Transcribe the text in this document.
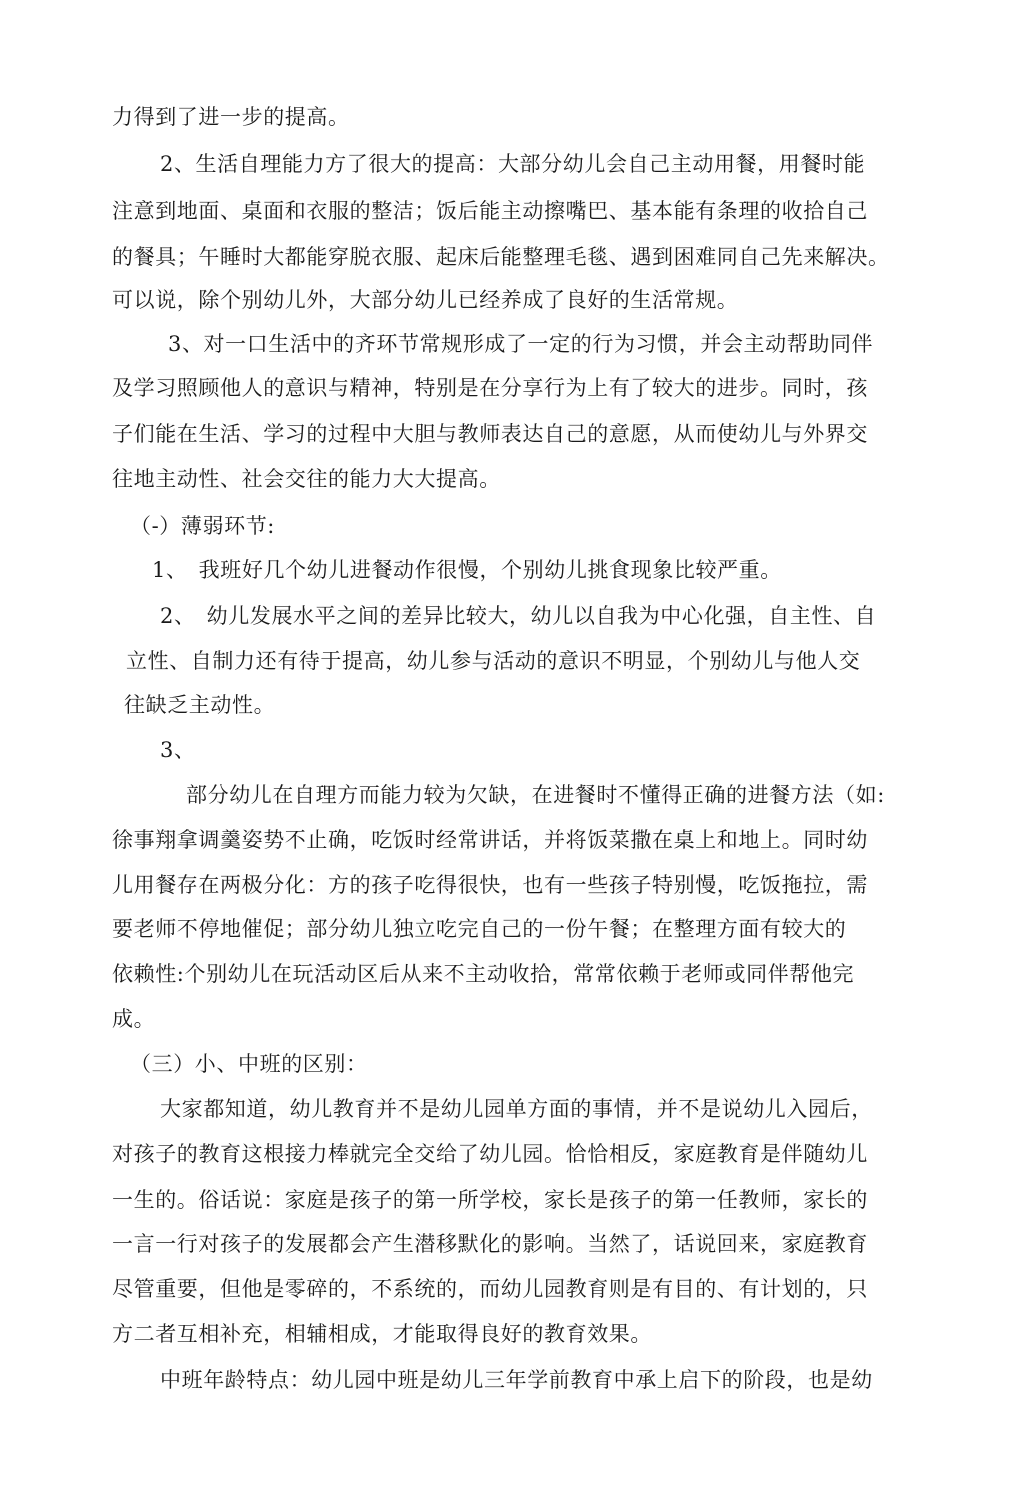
力得到了进一步的提高。
2、生活自理能力方了很大的提高：大部分幼儿会自己主动用餐，用餐时能
注意到地面、桌面和衣服的整洁；饭后能主动擦嘴巴、基本能有条理的收拾自己
的餐具；午睡时大都能穿脱衣服、起床后能整理毛毯、遇到困难同自己先来解决。
可以说，除个别幼儿外，大部分幼儿已经养成了良好的生活常规。
3、对一口生活中的齐环节常规形成了一定的行为习惯，并会主动帮助同伴
及学习照顾他人的意识与精神，特别是在分享行为上有了较大的进步。同时，孩
子们能在生活、学习的过程中大胆与教师表达自己的意愿，从而使幼儿与外界交
往地主动性、社会交往的能力大大提高。
（-）薄弱环节:
1、　我班好几个幼儿进餐动作很慢，个别幼儿挑食现象比较严重。
2、　幼儿发展水平之间的差异比较大，幼儿以自我为中心化强，自主性、自
立性、自制力还有待于提高，幼儿参与活动的意识不明显，个别幼儿与他人交
往缺乏主动性。
3、
部分幼儿在自理方而能力较为欠缺，在进餐时不懂得正确的进餐方法（如:
徐事翔拿调羹姿势不止确，吃饭时经常讲话，并将饭菜撒在桌上和地上。同时幼
儿用餐存在两极分化：方的孩子吃得很快，也有一些孩子特别慢，吃饭拖拉，需
要老师不停地催促；部分幼儿独立吃完自己的一份午餐；在整理方面有较大的
依赖性:个别幼儿在玩活动区后从来不主动收拾，常常依赖于老师或同伴帮他完
成。
（三）小、中班的区别：
大家都知道，幼儿教育并不是幼儿园单方面的事情，并不是说幼儿入园后，
对孩子的教育这根接力棒就完全交给了幼儿园。恰恰相反，家庭教育是伴随幼儿
一生的。俗话说：家庭是孩子的第一所学校，家长是孩子的第一任教师，家长的
一言一行对孩子的发展都会产生潜移默化的影响。当然了，话说回来，家庭教育
尽管重要，但他是零碎的，不系统的，而幼儿园教育则是有目的、有计划的，只
方二者互相补充，相辅相成，才能取得良好的教育效果。
中班年龄特点：幼儿园中班是幼儿三年学前教育中承上启下的阶段，也是幼
